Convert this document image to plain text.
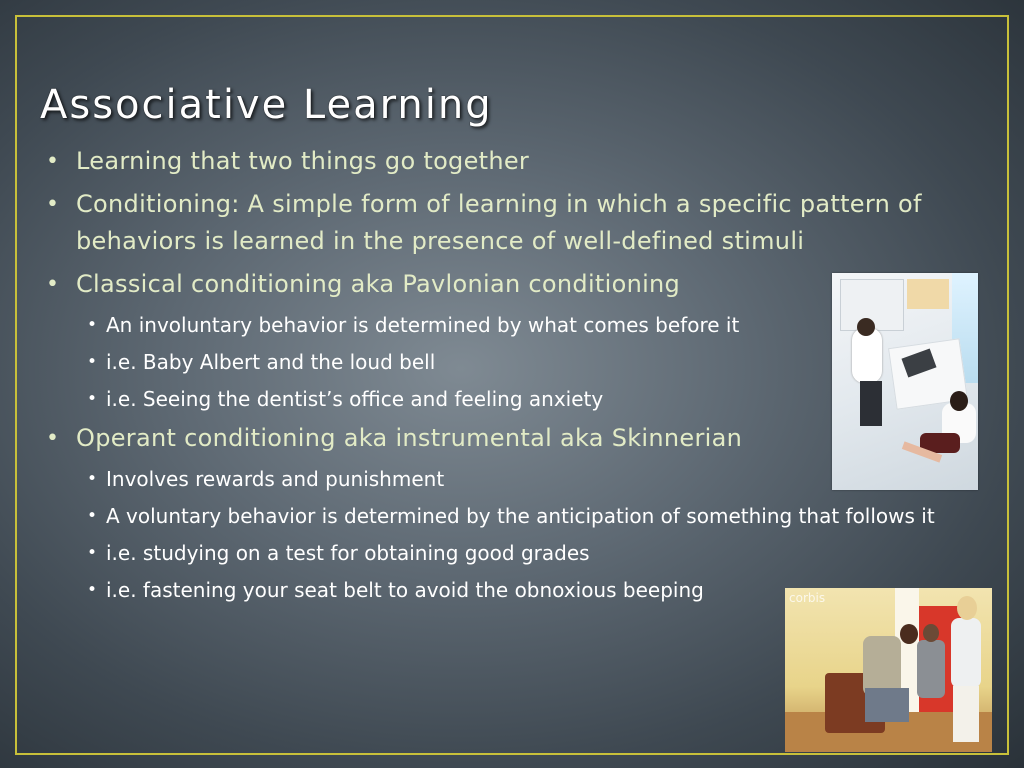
Associative Learning
• Learning that two things go together
• Conditioning: A simple form of learning in which a specific pattern of behaviors is learned in the presence of well-defined stimuli
• Classical conditioning aka Pavlonian conditioning
• An involuntary behavior is determined by what comes before it
• i.e. Baby Albert and the loud bell
• i.e. Seeing the dentist’s office and feeling anxiety
• Operant conditioning aka instrumental aka Skinnerian
• Involves rewards and punishment
• A voluntary behavior is determined by the anticipation of something that follows it
• i.e. studying on a test for obtaining good grades
• i.e. fastening your seat belt to avoid the obnoxious beeping	corbis
